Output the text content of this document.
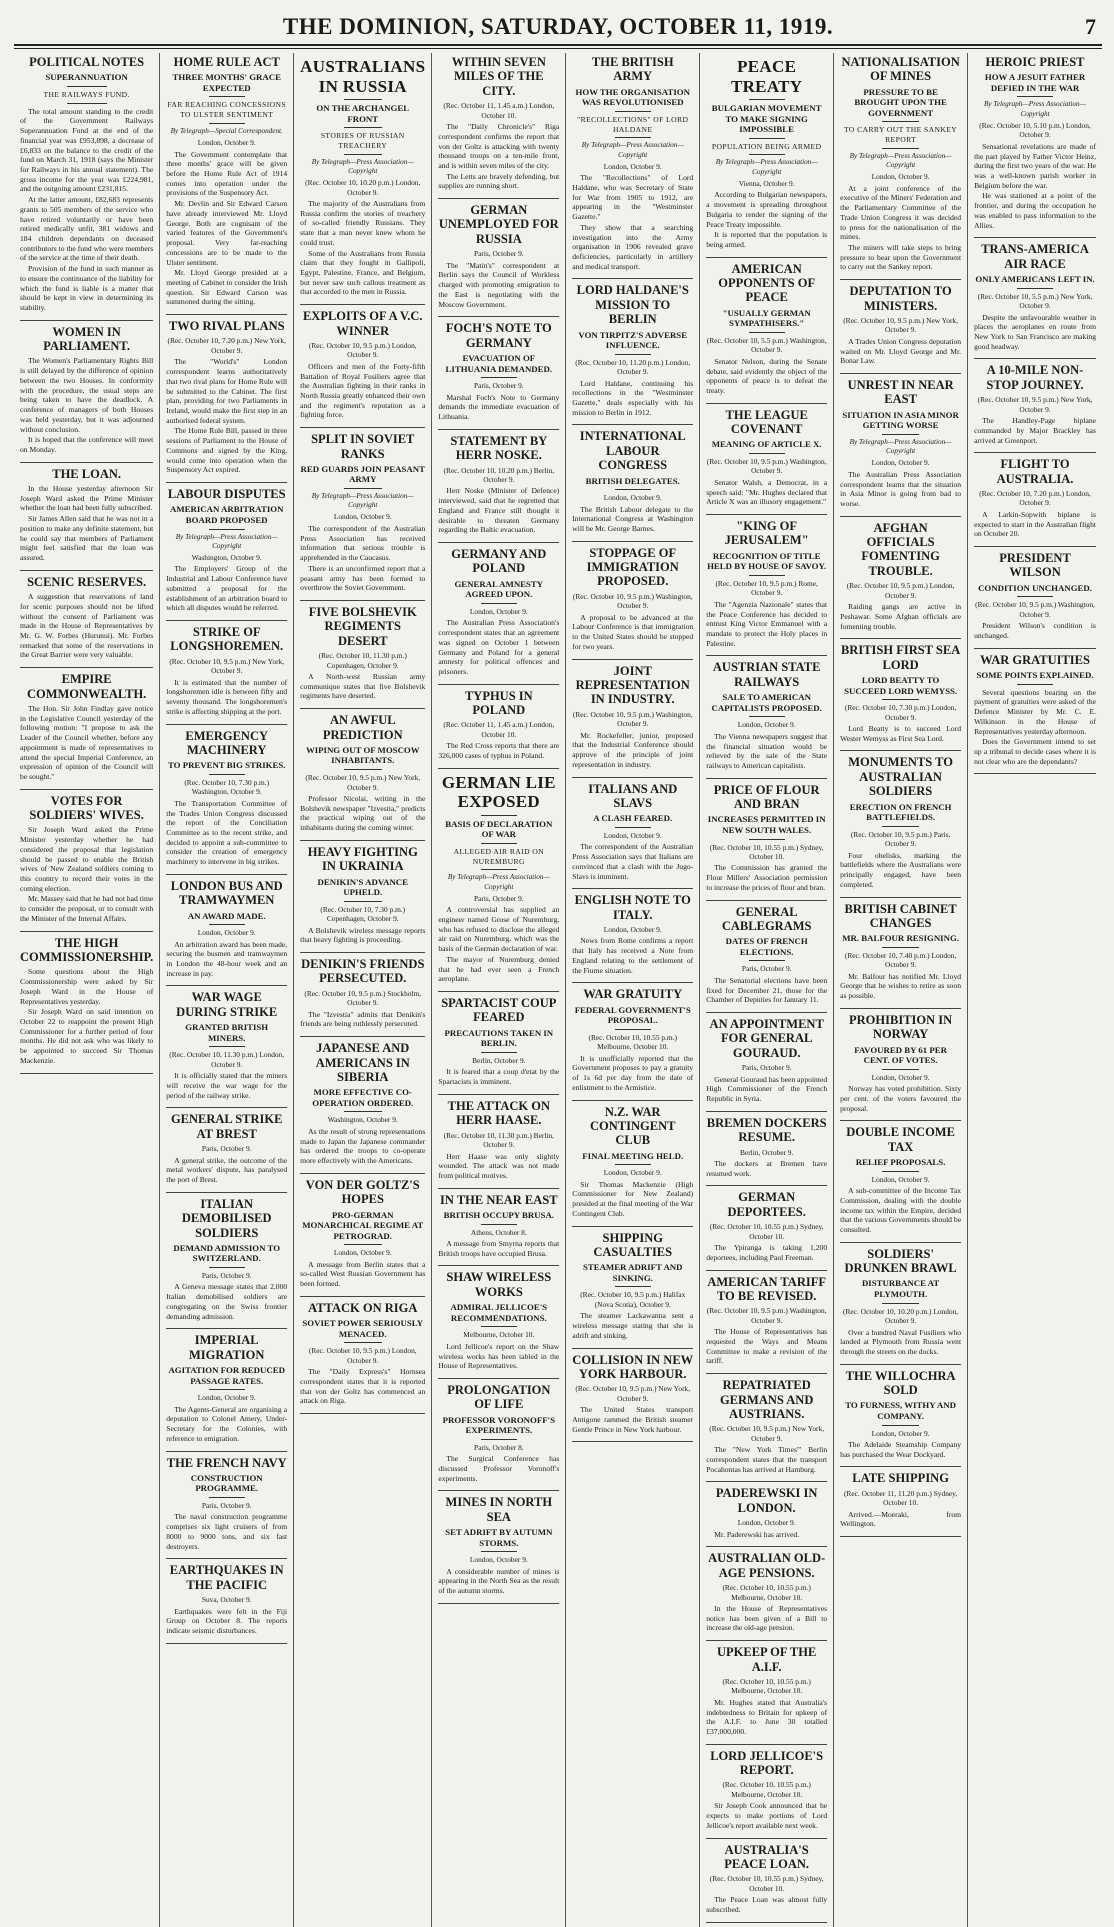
THE DOMINION, SATURDAY, OCTOBER 11, 1919.	7
POLITICAL NOTES
SUPERANNUATION
THE RAILWAYS FUND.

The total amount standing to the credit of the Government Railways Superannuation Fund at the end of the financial year was £953,898, a decrease of £6,833 on the balance to the credit of the fund on March 31, 1918 (says the Minister for Railways in his annual statement). The gross income for the year was £224,981, and the outgoing amount £231,815.

At the latter amount, £82,683 represents grants to 505 members of the service who have retired voluntarily or have been retired medically unfit, 381 widows and 184 children dependants on deceased contributors to the fund who were members of the service at the time of their death.

Provision of the fund in such manner as to ensure the continuance of the liability for which the fund is liable is a matter that should be kept in view in determining its stability.

WOMEN IN PARLIAMENT.

The Women's Parliamentary Rights Bill is still delayed by the difference of opinion between the two Houses. In conformity with the procedure, the usual steps are being taken to have the deadlock. A conference of managers of both Houses was held yesterday, but it was adjourned without conclusion.

It is hoped that the conference will meet on Monday.

THE LOAN.

In the House yesterday afternoon Sir Joseph Ward asked the Prime Minister whether the loan had been fully subscribed.

Sir James Allen said that he was not in a position to make any definite statement, but he could say that members of Parliament might feel satisfied that the loan was assured.

SCENIC RESERVES.

A suggestion that reservations of land for scenic purposes should not be lifted without the consent of Parliament was made in the House of Representatives by Mr. G. W. Forbes (Hurunui). Mr. Forbes remarked that some of the reservations in the Great Barrier were very valuable.

EMPIRE COMMONWEALTH.

The Hon. Sir John Findlay gave notice in the Legislative Council yesterday of the following motion: "I propose to ask the Leader of the Council whether, before any appointment is made of representatives to attend the special Imperial Conference, an expression of opinion of the Council will be sought."

VOTES FOR SOLDIERS' WIVES.

Sir Joseph Ward asked the Prime Minister yesterday whether he had considered the proposal that legislation should be passed to enable the British wives of New Zealand soldiers coming to this country to record their votes in the coming election.

Mr. Massey said that he had not had time to consider the proposal, or to consult with the Minister of the Internal Affairs.

THE HIGH COMMISSIONERSHIP.

Some questions about the High Commissionership were asked by Sir Joseph Ward in the House of Representatives yesterday.

Sir Joseph Ward on said intention on October 22 to reappoint the present High Commissioner for a further period of four months. He did not ask who was likely to be appointed to succeed Sir Thomas Mackenzie.

HOME RULE ACT
THREE MONTHS' GRACE EXPECTED
FAR REACHING CONCESSIONS TO ULSTER SENTIMENT
By Telegraph—Special Correspondent.
London, October 9.

The Government contemplate that three months' grace will be given before the Home Rule Act of 1914 comes into operation under the provisions of the Suspensory Act.

Mr. Devlin and Sir Edward Carson have already interviewed Mr. Lloyd George. Both are cognisant of the varied features of the Government's proposal. Very far-reaching concessions are to be made to the Ulster sentiment.

Mr. Lloyd George presided at a meeting of Cabinet to consider the Irish question. Sir Edward Carson was summoned during the sitting.

TWO RIVAL PLANS
(Rec. October 10, 7.20 p.m.) New York, October 9.

The "World's" London correspondent learns authoritatively that two rival plans for Home Rule will be submitted to the Cabinet. The first plan, providing for two Parliaments in Ireland, would make the first step in an authorised federal system.

The Home Rule Bill, passed in three sessions of Parliament to the House of Commons and signed by the King, would come into operation when the Suspensory Act expired.

LABOUR DISPUTES
AMERICAN ARBITRATION BOARD PROPOSED
By Telegraph—Press Association—Copyright
Washington, October 9.

The Employers' Group of the Industrial and Labour Conference have submitted a proposal for the establishment of an arbitration board to which all disputes would be referred.

STRIKE OF LONGSHOREMEN.
(Rec. October 10, 9.5 p.m.) New York, October 9.

It is estimated that the number of longshoremen idle is between fifty and seventy thousand. The longshoremen's strike is affecting shipping at the port.

EMERGENCY MACHINERY
TO PREVENT BIG STRIKES.
(Rec. October 10, 7.30 p.m.) Washington, October 9.

The Transportation Committee of the Trades Union Congress discussed the report of the Conciliation Committee as to the recent strike, and decided to appoint a sub-committee to consider the creation of emergency machinery to intervene in big strikes.

LONDON BUS AND TRAMWAYMEN
AN AWARD MADE.
London, October 9.

An arbitration award has been made, securing the busmen and tramwaymen in London the 48-hour week and an increase in pay.

WAR WAGE DURING STRIKE
GRANTED BRITISH MINERS.
(Rec. October 10, 11.30 p.m.) London, October 9.

It is officially stated that the miners will receive the war wage for the period of the railway strike.

GENERAL STRIKE AT BREST
Paris, October 9.

A general strike, the outcome of the metal workers' dispute, has paralysed the port of Brest.

ITALIAN DEMOBILISED SOLDIERS
DEMAND ADMISSION TO SWITZERLAND.
Paris, October 9.

A Geneva message states that 2,000 Italian demobilised soldiers are congregating on the Swiss frontier demanding admission.

IMPERIAL MIGRATION
AGITATION FOR REDUCED PASSAGE RATES.
London, October 9.

The Agents-General are organising a deputation to Colonel Amery, Under-Secretary for the Colonies, with reference to emigration.

THE FRENCH NAVY
CONSTRUCTION PROGRAMME.
Paris, October 9.

The naval construction programme comprises six light cruisers of from 8000 to 9000 tons, and six fast destroyers.

EARTHQUAKES IN THE PACIFIC
Suva, October 9.

Earthquakes were felt in the Fiji Group on October 8. The reports indicate seismic disturbances.

AUSTRALIANS IN RUSSIA
ON THE ARCHANGEL FRONT
STORIES OF RUSSIAN TREACHERY
By Telegraph—Press Association—Copyright
(Rec. October 10, 10.20 p.m.) London, October 9.

The majority of the Australians from Russia confirm the stories of treachery of so-called friendly Russians. They state that a man never knew whom he could trust.

Some of the Australians from Russia claim that they fought in Gallipoli, Egypt, Palestine, France, and Belgium, but never saw such callous treatment as that accorded to the men in Russia.

EXPLOITS OF A V.C. WINNER
(Rec. October 10, 9.5 p.m.) London, October 9.

Officers and men of the Forty-fifth Battalion of Royal Fusiliers agree that the Australian fighting in their ranks in North Russia greatly enhanced their own and the regiment's reputation as a fighting force.

SPLIT IN SOVIET RANKS
RED GUARDS JOIN PEASANT ARMY
By Telegraph—Press Association—Copyright
London, October 9.

The correspondent of the Australian Press Association has received information that serious trouble is apprehended in the Caucasus.

There is an unconfirmed report that a peasant army has been formed to overthrow the Soviet Government.

FIVE BOLSHEVIK REGIMENTS DESERT
(Rec. October 10, 11.30 p.m.) Copenhagen, October 9.

A North-west Russian army communique states that five Bolshevik regiments have deserted.

AN AWFUL PREDICTION
WIPING OUT OF MOSCOW INHABITANTS.
(Rec. October 10, 9.5 p.m.) New York, October 9.

Professor Nicolai, writing in the Bolshevik newspaper "Izvestia," predicts the practical wiping out of the inhabitants during the coming winter.

HEAVY FIGHTING IN UKRAINIA
DENIKIN'S ADVANCE UPHELD.
(Rec. October 10, 7.30 p.m.) Copenhagen, October 9.

A Bolshevik wireless message reports that heavy fighting is proceeding.

DENIKIN'S FRIENDS PERSECUTED.
(Rec. October 10, 9.5 p.m.) Stockholm, October 9.

The "Izvestia" admits that Denikin's friends are being ruthlessly persecuted.

JAPANESE AND AMERICANS IN SIBERIA
MORE EFFECTIVE CO-OPERATION ORDERED.
Washington, October 9.

As the result of strong representations made to Japan the Japanese commander has ordered the troops to co-operate more effectively with the Americans.

VON DER GOLTZ'S HOPES
PRO-GERMAN MONARCHICAL REGIME AT PETROGRAD.
London, October 9.

A message from Berlin states that a so-called West Russian Government has been formed.

ATTACK ON RIGA
SOVIET POWER SERIOUSLY MENACED.
(Rec. October 10, 9.5 p.m.) London, October 9.

The "Daily Express's" Hornsea correspondent states that it is reported that von der Goltz has commenced an attack on Riga.

WITHIN SEVEN MILES OF THE CITY.
(Rec. October 11, 1.45 a.m.) London, October 10.

The "Daily Chronicle's" Riga correspondent confirms the report that von der Goltz is attacking with twenty thousand troops on a ten-mile front, and is within seven miles of the city.

The Letts are bravely defending, but supplies are running short.

GERMAN UNEMPLOYED FOR RUSSIA
Paris, October 9.

The "Matin's" correspondent at Berlin says the Council of Workless charged with promoting emigration to the East is negotiating with the Moscow Government.

FOCH'S NOTE TO GERMANY
EVACUATION OF LITHUANIA DEMANDED.
Paris, October 9.

Marshal Foch's Note to Germany demands the immediate evacuation of Lithuania.

STATEMENT BY HERR NOSKE.
(Rec. October 10, 10.20 p.m.) Berlin, October 9.

Herr Noske (Minister of Defence) interviewed, said that he regretted that England and France still thought it desirable to threaten Germany regarding the Baltic evacuation.

GERMANY AND POLAND
GENERAL AMNESTY AGREED UPON.
London, October 9.

The Australian Press Association's correspondent states that an agreement was signed on October 1 between Germany and Poland for a general amnesty for political offences and prisoners.

TYPHUS IN POLAND
(Rec. October 11, 1.45 a.m.) London, October 10.

The Red Cross reports that there are 326,000 cases of typhus in Poland.

GERMAN LIE EXPOSED
BASIS OF DECLARATION OF WAR
ALLEGED AIR RAID ON NUREMBURG
By Telegraph—Press Association—Copyright
Paris, October 9.

A controversial has supplied an engineer named Grose of Nuremburg, who has refused to disclose the alleged air raid on Nuremburg, which was the basis of the German declaration of war.

The mayor of Nuremburg denied that he had ever seen a French aeroplane.

SPARTACIST COUP FEARED
PRECAUTIONS TAKEN IN BERLIN.
Berlin, October 9.

It is feared that a coup d'etat by the Spartacists is imminent.

THE ATTACK ON HERR HAASE.
(Rec. October 10, 11.30 p.m.) Berlin, October 9.

Herr Haase was only slightly wounded. The attack was not made from political motives.

IN THE NEAR EAST
BRITISH OCCUPY BRUSA.
Athens, October 8.

A message from Smyrna reports that British troops have occupied Brusa.

SHAW WIRELESS WORKS
ADMIRAL JELLICOE'S RECOMMENDATIONS.
Melbourne, October 10.

Lord Jellicoe's report on the Shaw wireless works has been tabled in the House of Representatives.

PROLONGATION OF LIFE
PROFESSOR VORONOFF'S EXPERIMENTS.
Paris, October 8.

The Surgical Conference has discussed Professor Voronoff's experiments.

MINES IN NORTH SEA
SET ADRIFT BY AUTUMN STORMS.
London, October 9.

A considerable number of mines is appearing in the North Sea as the result of the autumn storms.

THE BRITISH ARMY
HOW THE ORGANISATION WAS REVOLUTIONISED
"RECOLLECTIONS" OF LORD HALDANE
By Telegraph—Press Association—Copyright
London, October 9.

The "Recollections" of Lord Haldane, who was Secretary of State for War from 1905 to 1912, are appearing in the "Westminster Gazette."

They show that a searching investigation into the Army organisation in 1906 revealed grave deficiencies, particularly in artillery and medical transport.

LORD HALDANE'S MISSION TO BERLIN
VON TIRPITZ'S ADVERSE INFLUENCE.
(Rec. October 10, 11.20 p.m.) London, October 9.

Lord Haldane, continuing his recollections in the "Westminster Gazette," deals especially with his mission to Berlin in 1912.

INTERNATIONAL LABOUR CONGRESS
BRITISH DELEGATES.
London, October 9.

The British Labour delegate to the International Congress at Washington will be Mr. George Barnes.

STOPPAGE OF IMMIGRATION PROPOSED.
(Rec. October 10, 9.5 p.m.) Washington, October 9.

A proposal to be advanced at the Labour Conference is that immigration to the United States should be stopped for two years.

JOINT REPRESENTATION IN INDUSTRY.
(Rec. October 10, 9.5 p.m.) Washington, October 9.

Mr. Rockefeller, junior, proposed that the Industrial Conference should approve of the principle of joint representation in industry.

ITALIANS AND SLAVS
A CLASH FEARED.
London, October 9.

The correspondent of the Australian Press Association says that Italians are convinced that a clash with the Jugo-Slavs is imminent.

ENGLISH NOTE TO ITALY.
London, October 9.

News from Rome confirms a report that Italy has received a Note from England relating to the settlement of the Fiume situation.

WAR GRATUITY
FEDERAL GOVERNMENT'S PROPOSAL.
(Rec. October 10, 10.55 p.m.) Melbourne, October 10.

It is unofficially reported that the Government proposes to pay a gratuity of 1s 6d per day from the date of enlistment to the Armistice.

N.Z. WAR CONTINGENT CLUB
FINAL MEETING HELD.
London, October 9.

Sir Thomas Mackenzie (High Commissioner for New Zealand) presided at the final meeting of the War Contingent Club.

SHIPPING CASUALTIES
STEAMER ADRIFT AND SINKING.
(Rec. October 10, 9.5 p.m.) Halifax (Nova Scotia), October 9.

The steamer Lackawanna sent a wireless message stating that she is adrift and sinking.

COLLISION IN NEW YORK HARBOUR.
(Rec. October 10, 9.5 p.m.) New York, October 9.

The United States transport Antigone rammed the British steamer Gentle Prince in New York harbour.

PEACE TREATY
BULGARIAN MOVEMENT TO MAKE SIGNING IMPOSSIBLE
POPULATION BEING ARMED
By Telegraph—Press Association—Copyright
Vienna, October 9.

According to Bulgarian newspapers, a movement is spreading throughout Bulgaria to render the signing of the Peace Treaty impossible.

It is reported that the population is being armed.

AMERICAN OPPONENTS OF PEACE
"USUALLY GERMAN SYMPATHISERS."
(Rec. October 10, 5.5 p.m.) Washington, October 9.

Senator Nelson, during the Senate debate, said evidently the object of the opponents of peace is to defeat the treaty.

THE LEAGUE COVENANT
MEANING OF ARTICLE X.
(Rec. October 10, 9.5 p.m.) Washington, October 9.

Senator Walsh, a Democrat, in a speech said: "Mr. Hughes declared that Article X was an illusory engagement."

"KING OF JERUSALEM"
RECOGNITION OF TITLE HELD BY HOUSE OF SAVOY.
(Rec. October 10, 9.5 p.m.) Rome, October 9.

The "Agenzia Nazionale" states that the Peace Conference has decided to entrust King Victor Emmanuel with a mandate to protect the Holy places in Palestine.

AUSTRIAN STATE RAILWAYS
SALE TO AMERICAN CAPITALISTS PROPOSED.
London, October 9.

The Vienna newspapers suggest that the financial situation would be relieved by the sale of the State railways to American capitalists.

PRICE OF FLOUR AND BRAN
INCREASES PERMITTED IN NEW SOUTH WALES.
(Rec. October 10, 10.55 p.m.) Sydney, October 10.

The Commission has granted the Flour Millers' Association permission to increase the prices of flour and bran.

GENERAL CABLEGRAMS
DATES OF FRENCH ELECTIONS.
Paris, October 9.

The Senatorial elections have been fixed for December 21, those for the Chamber of Deputies for January 11.

AN APPOINTMENT FOR GENERAL GOURAUD.
Paris, October 9.

General Gouraud has been appointed High Commissioner of the French Republic in Syria.

BREMEN DOCKERS RESUME.
Berlin, October 9.

The dockers at Bremen have resumed work.

GERMAN DEPORTEES.
(Rec. October 10, 10.55 p.m.) Sydney, October 10.

The Ypiranga is taking 1,200 deportees, including Paul Freeman.

AMERICAN TARIFF TO BE REVISED.
(Rec. October 10, 9.5 p.m.) Washington, October 9.

The House of Representatives has requested the Ways and Means Committee to make a revision of the tariff.

REPATRIATED GERMANS AND AUSTRIANS.
(Rec. October 10, 9.5 p.m.) New York, October 9.

The "New York Times'" Berlin correspondent states that the transport Pocahontas has arrived at Hamburg.

PADEREWSKI IN LONDON.
London, October 9.

Mr. Paderewski has arrived.

AUSTRALIAN OLD-AGE PENSIONS.
(Rec. October 10, 10.55 p.m.) Melbourne, October 10.

In the House of Representatives notice has been given of a Bill to increase the old-age pension.

UPKEEP OF THE A.I.F.
(Rec. October 10, 10.55 p.m.) Melbourne, October 10.

Mr. Hughes stated that Australia's indebtedness to Britain for upkeep of the A.I.F. to June 30 totalled £37,000,000.

LORD JELLICOE'S REPORT.
(Rec. October 10, 10.55 p.m.) Melbourne, October 10.

Sir Joseph Cook announced that he expects to make portions of Lord Jellicoe's report available next week.

AUSTRALIA'S PEACE LOAN.
(Rec. October 10, 10.55 p.m.) Sydney, October 10.

The Peace Loan was almost fully subscribed.

NATIONALISATION OF MINES
PRESSURE TO BE BROUGHT UPON THE GOVERNMENT
TO CARRY OUT THE SANKEY REPORT
By Telegraph—Press Association—Copyright
London, October 9.

At a joint conference of the executive of the Miners' Federation and the Parliamentary Committee of the Trade Union Congress it was decided to press for the nationalisation of the mines.

The miners will take steps to bring pressure to bear upon the Government to carry out the Sankey report.

DEPUTATION TO MINISTERS.
(Rec. October 10, 9.5 p.m.) New York, October 9.

A Trades Union Congress deputation waited on Mr. Lloyd George and Mr. Bonar Law.

UNREST IN NEAR EAST
SITUATION IN ASIA MINOR GETTING WORSE
By Telegraph—Press Association—Copyright
London, October 9.

The Australian Press Association correspondent learns that the situation in Asia Minor is going from bad to worse.

AFGHAN OFFICIALS FOMENTING TROUBLE.
(Rec. October 10, 9.5 p.m.) London, October 9.

Raiding gangs are active in Peshawar. Some Afghan officials are fomenting trouble.

BRITISH FIRST SEA LORD
LORD BEATTY TO SUCCEED LORD WEMYSS.
(Rec. October 10, 7.30 p.m.) London, October 9.

Lord Beatty is to succeed Lord Wester Wemyss as First Sea Lord.

MONUMENTS TO AUSTRALIAN SOLDIERS
ERECTION ON FRENCH BATTLEFIELDS.
(Rec. October 10, 9.5 p.m.) Paris, October 9.

Four obelisks, marking the battlefields where the Australians were principally engaged, have been completed.

BRITISH CABINET CHANGES
MR. BALFOUR RESIGNING.
(Rec. October 10, 7.40 p.m.) London, October 9.

Mr. Balfour has notified Mr. Lloyd George that he wishes to retire as soon as possible.

PROHIBITION IN NORWAY
FAVOURED BY 61 PER CENT. OF VOTES.
London, October 9.

Norway has voted prohibition. Sixty per cent. of the voters favoured the proposal.

DOUBLE INCOME TAX
RELIEF PROPOSALS.
London, October 9.

A sub-committee of the Income Tax Commission, dealing with the double income tax within the Empire, decided that the various Governments should be consulted.

SOLDIERS' DRUNKEN BRAWL
DISTURBANCE AT PLYMOUTH.
(Rec. October 10, 10.20 p.m.) London, October 9.

Over a hundred Naval Fusiliers who landed at Plymouth from Russia went through the streets on the docks.

THE WILLOCHRA SOLD
TO FURNESS, WITHY AND COMPANY.
London, October 9.

The Adelaide Steamship Company has purchased the Wear Dockyard.

LATE SHIPPING
(Rec. October 11, 11.20 p.m.) Sydney, October 10.

Arrived.—Moeraki, from Wellington.

HEROIC PRIEST
HOW A JESUIT FATHER DEFIED IN THE WAR
By Telegraph—Press Association—Copyright
(Rec. October 10, 5.10 p.m.) London, October 9.

Sensational revelations are made of the part played by Father Victor Heinz, during the first two years of the war. He was a well-known parish worker in Belgium before the war.

He was stationed at a point of the frontier, and during the occupation he was enabled to pass information to the Allies.

TRANS-AMERICA AIR RACE
ONLY AMERICANS LEFT IN.
(Rec. October 10, 5.5 p.m.) New York, October 9.

Despite the unfavourable weather in places the aeroplanes en route from New York to San Francisco are making good headway.

A 10-MILE NON-STOP JOURNEY.
(Rec. October 10, 9.5 p.m.) New York, October 9.

The Handley-Page biplane commanded by Major Brackley has arrived at Greenport.

FLIGHT TO AUSTRALIA.
(Rec. October 10, 7.20 p.m.) London, October 9.

A Larkin-Sopwith biplane is expected to start in the Australian flight on October 20.

PRESIDENT WILSON
CONDITION UNCHANGED.
(Rec. October 10, 9.5 p.m.) Washington, October 9.

President Wilson's condition is unchanged.

WAR GRATUITIES
SOME POINTS EXPLAINED.

Several questions bearing on the payment of gratuities were asked of the Defence Minister by Mr. C. E. Wilkinson in the House of Representatives yesterday afternoon.

Does the Government intend to set up a tribunal to decide cases where it is not clear who are the dependants?
